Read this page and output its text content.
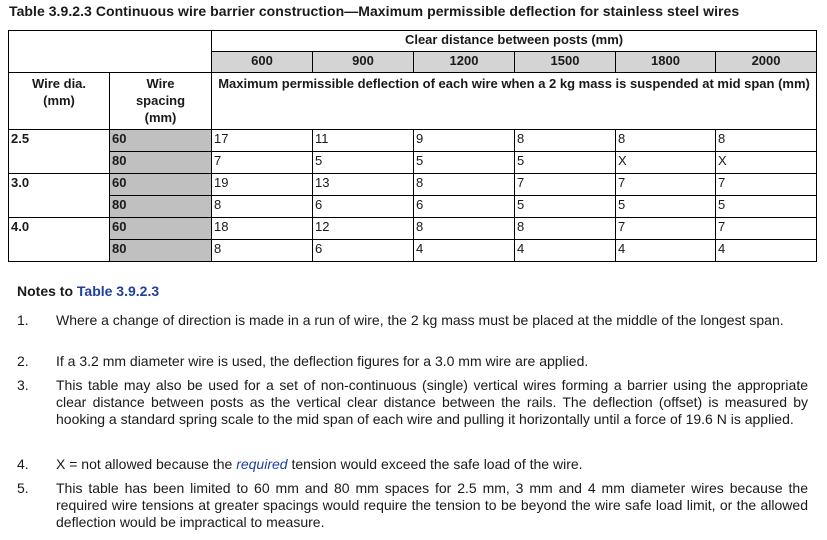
Table 3.9.2.3 Continuous wire barrier construction—Maximum permissible deflection for stainless steel wires
		Clear distance between posts (mm)					
		600	900	1200	1500	1800	2000

Wire dia. (mm)	Wire spacing (mm)	Maximum permissible deflection of each wire when a 2 kg mass is suspended at mid span (mm)					
2.5	60	17	11	9	8	8	8
	80	7	5	5	5	X	X
3.0	60	19	13	8	7	7	7
	80	8	6	6	5	5	5
4.0	60	18	12	8	8	7	7
	80	8	6	4	4	4	4
Notes to Table 3.9.2.3
1. Where a change of direction is made in a run of wire, the 2 kg mass must be placed at the middle of the longest span.
2. If a 3.2 mm diameter wire is used, the deflection figures for a 3.0 mm wire are applied.
3. This table may also be used for a set of non-continuous (single) vertical wires forming a barrier using the appropriate clear distance between posts as the vertical clear distance between the rails. The deflection (offset) is measured by hooking a standard spring scale to the mid span of each wire and pulling it horizontally until a force of 19.6 N is applied.
4. X = not allowed because the required tension would exceed the safe load of the wire.
5. This table has been limited to 60 mm and 80 mm spaces for 2.5 mm, 3 mm and 4 mm diameter wires because the required wire tensions at greater spacings would require the tension to be beyond the wire safe load limit, or the allowed deflection would be impractical to measure.
